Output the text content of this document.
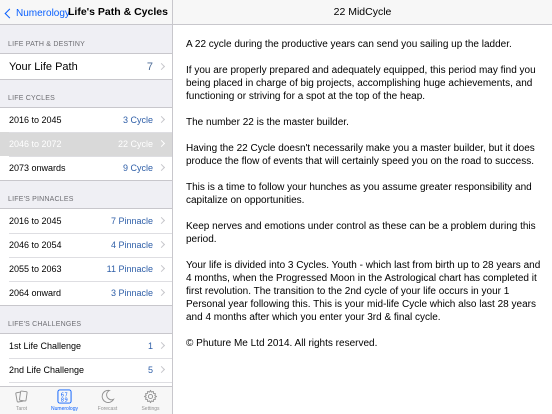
Numerology
Life's Path & Cycles
LIFE PATH & DESTINY
Your Life Path	7
LIFE CYCLES
2016 to 2045	3 Cycle
2046 to 2072	22 Cycle
2073 onwards	9 Cycle
LIFE'S PINNACLES
2016 to 2045	7 Pinnacle
2046 to 2054	4 Pinnacle
2055 to 2063	11 Pinnacle
2064 onward	3 Pinnacle
LIFE'S CHALLENGES
1st Life Challenge	1
2nd Life Challenge	5
Tarot
6 7
8 9
Numerology	Forecast	Settings
22 MidCycle

A 22 cycle during the productive years can send you sailing up the ladder.

If you are properly prepared and adequately equipped, this period may find you being placed in charge of big projects, accomplishing huge achievements, and functioning or striving for a spot at the top of the heap.

The number 22 is the master builder.

Having the 22 Cycle doesn't necessarily make you a master builder, but it does produce the flow of events that will certainly speed you on the road to success.

This is a time to follow your hunches as you assume greater responsibility and capitalize on opportunities.

Keep nerves and emotions under control as these can be a problem during this period.

Your life is divided into 3 Cycles. Youth - which last from birth up to 28 years and 4 months, when the Progressed Moon in the Astrological chart has completed it first revolution. The transition to the 2nd cycle of your life occurs in your 1 Personal year following this. This is your mid-life Cycle which also last 28 years and 4 months after which you enter your 3rd & final cycle.

© Phuture Me Ltd 2014. All rights reserved.
